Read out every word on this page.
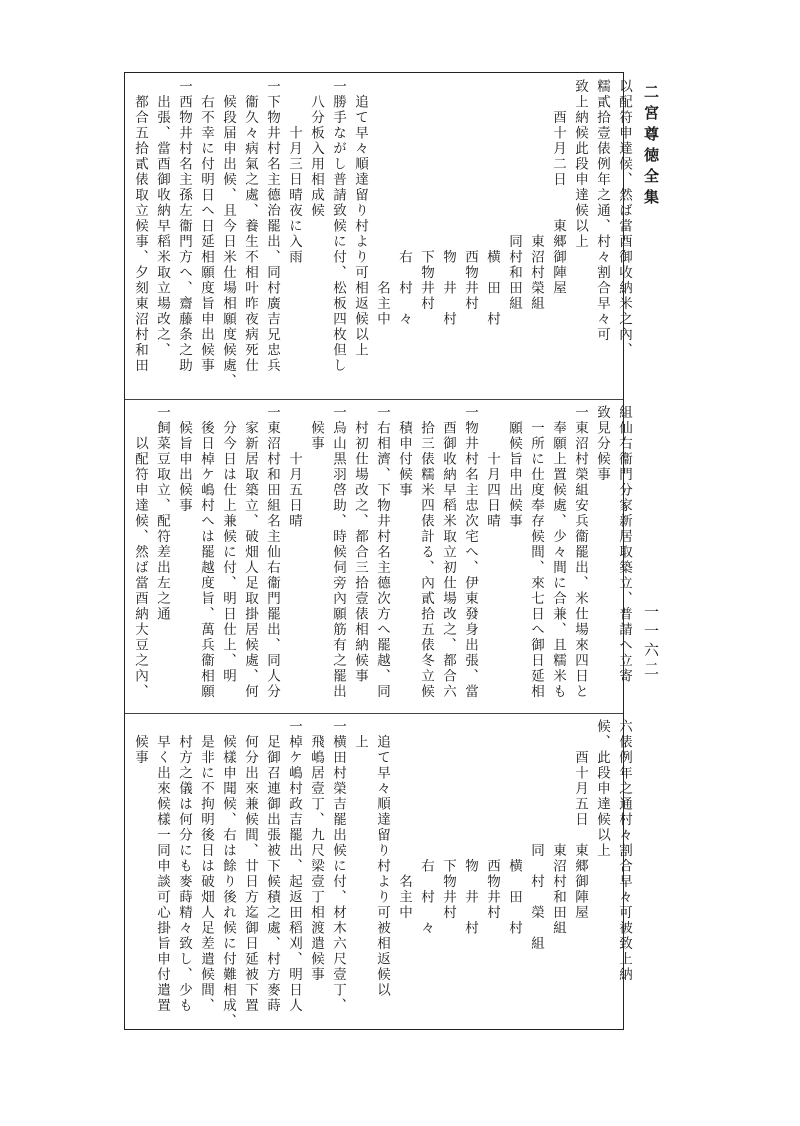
二宮尊徳全集
以配符申達候、然ば當酉御收納米之內、
糯貳拾壹俵例年之通、村々割合早々可
致上納候此段申達候以上
　　酉十月二日　　東郷御陣屋
　　　　　　　　　　東沼村榮組
　　　　　　　　　　同村和田組
　　　　　　　　　　　横　田　村
　　　　　　　　　　　西物井村
　　　　　　　　　　　物　井　村
　　　　　　　　　　　下物井村
　　　　　　　　　　　右　村　々
　　　　　　　　　　　　　名主中
　追て早々順達留り村より可相返候以上
一勝手ながし普請致候に付、松板四枚但し
　八分板入用相成候
　　　十月三日晴夜に入雨
一下物井村名主德治罷出、同村廣吉兄忠兵
　衞久々病氣之處、養生不相叶昨夜病死仕
　候段届申出候、且今日米仕場相願度候處、
　右不幸に付明日へ日延相願度旨申出候事
一西物井村名主孫左衞門方へ、齋藤条之助
　出張、當酉御收納早稻米取立場改之、
　都合五拾貳俵取立候事、夕刻東沼村和田
組仙右衞門分家新居取築立、普請へ立寄
致見分候事
一東沼村榮組安兵衞罷出、米仕場來四日と
　奉願上置候處、少々間に合兼、且糯米も
　一所に仕度奉存候間、來七日へ御日延相
　願候旨申出候事
　　　十月四日晴
一物井村名主忠次宅へ、伊東發身出張、當
　酉御收納早稻米取立初仕場改之、都合六
　拾三俵糯米四俵計る、內貳拾五俵冬立候
　積申付候事
一右相濟、下物井村名主德次方へ罷越、同
　村初仕場改之、都合三拾壹俵相納候事
一烏山黒羽啓助、時候伺旁內願筋有之罷出
　候事
　　　十月五日晴
一東沼村和田組名主仙右衞門罷出、同人分
　家新居取築立、破畑人足取掛居候處、何
　分今日は仕上兼候に付、明日仕上、明
　後日棹ケ嶋村へは罷越度旨、萬兵衞相願
　候旨申出候事
一飼菜豆取立、配符差出左之通
　　以配符申達候、然ば當酉納大豆之內、
六俵例年之通村々割合早々可被致上納
候、此段申達候以上
　　酉十月五日　東郷御陣屋
　　　　　　　　東沼村和田組
　　　　　　　　同　村　榮　組
　　　　　　　　　横　田　村
　　　　　　　　　西物井村
　　　　　　　　　物　井　村
　　　　　　　　　下物井村
　　　　　　　　　右　村　々
　　　　　　　　　　名主中
　追て早々順達留り村より可被相返候以
　上
一横田村榮吉罷出候に付、材木六尺壹丁、
　飛嶋居壹丁、九尺梁壹丁相渡遣候事
一棹ケ嶋村政吉罷出、起返田稻刈、明日人
　足御召連御出張被下候積之處、村方麥蒔
　何分出來兼候間、廿日方迄御日延被下置
　候樣申聞候、右は餘り後れ候に付難相成、
　是非に不拘明後日は破畑人足差遣候間、
　村方之儀は何分にも麥蒔精々致し、少も
　早く出來候樣一同申談可心掛旨申付遣置
　候事
一一六二
